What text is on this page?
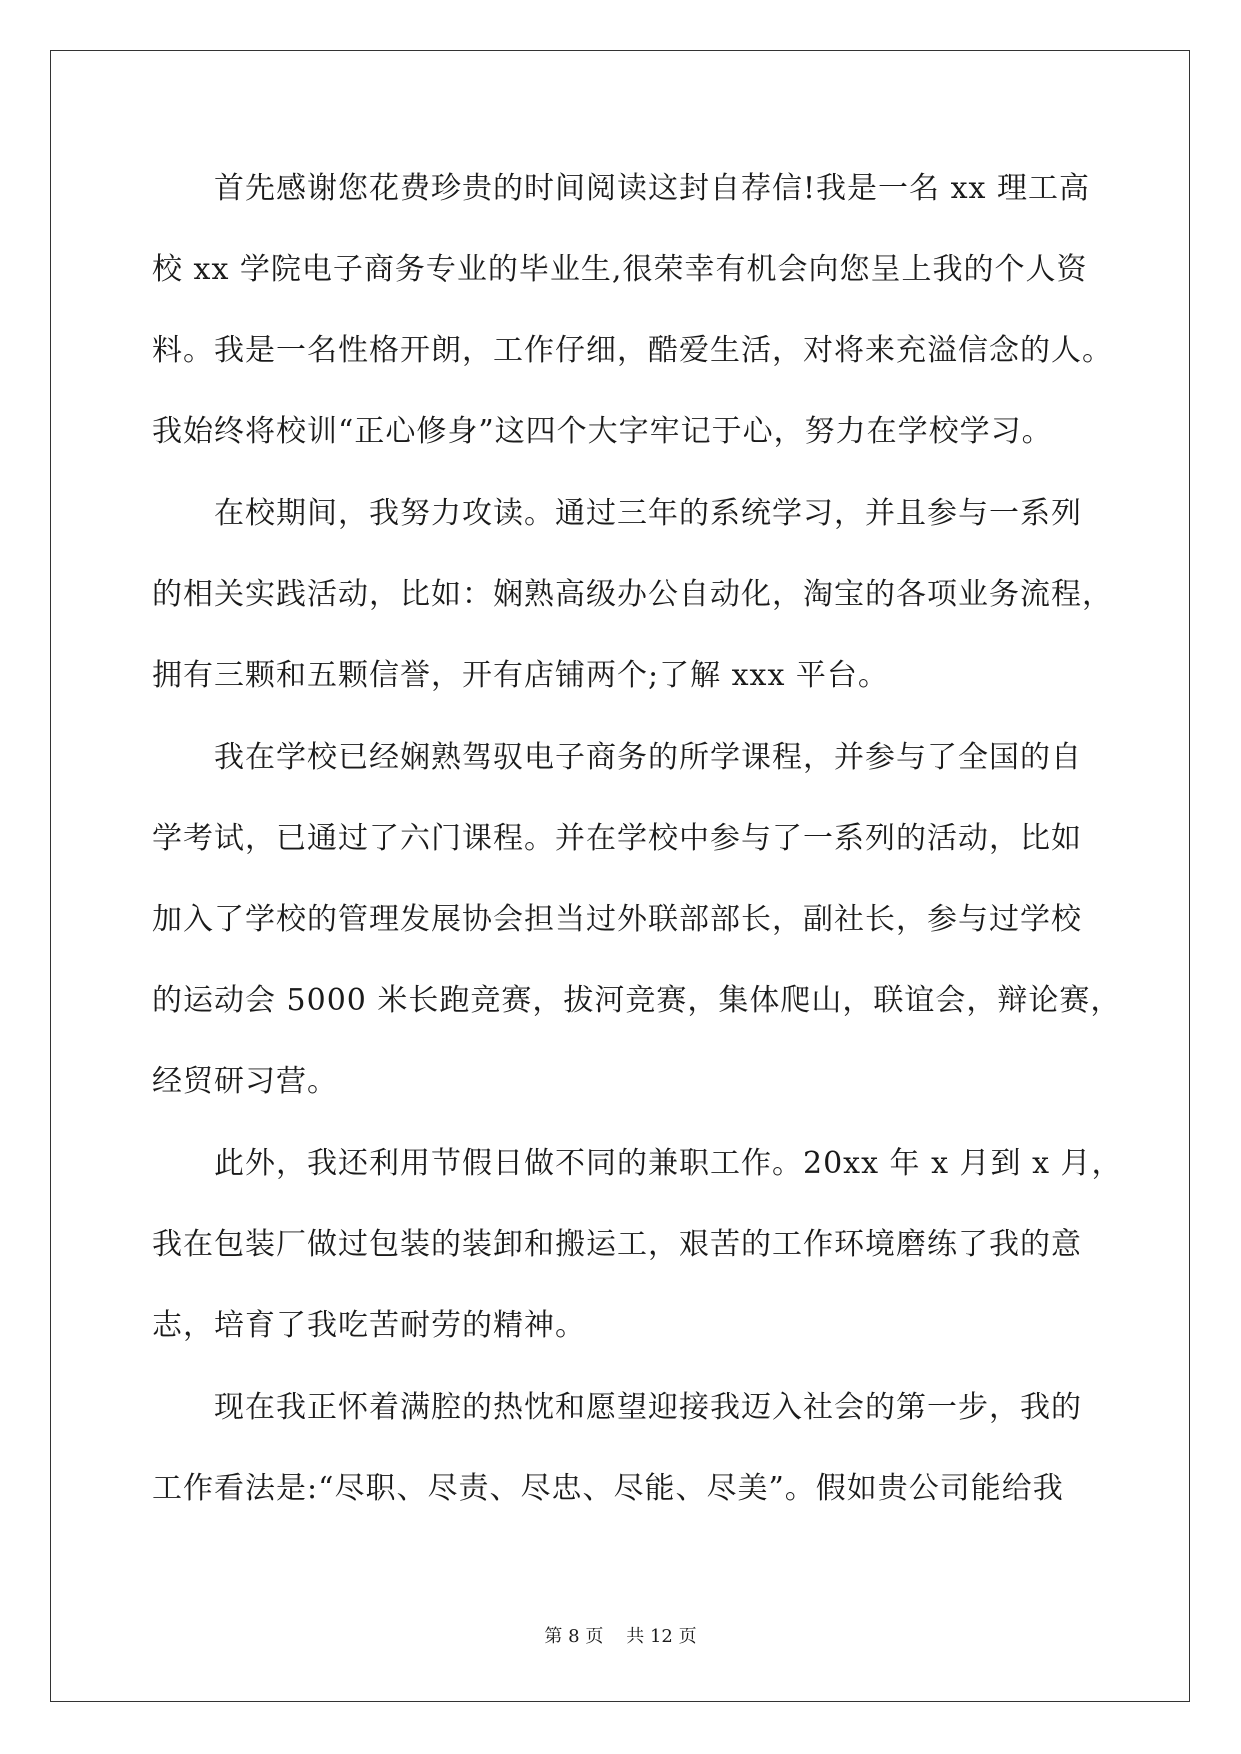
首先感谢您花费珍贵的时间阅读这封自荐信!我是一名 xx 理工高
校 xx 学院电子商务专业的毕业生,很荣幸有机会向您呈上我的个人资
料。我是一名性格开朗，工作仔细，酷爱生活，对将来充溢信念的人。
我始终将校训“正心修身”这四个大字牢记于心，努力在学校学习。
在校期间，我努力攻读。通过三年的系统学习，并且参与一系列
的相关实践活动，比如：娴熟高级办公自动化，淘宝的各项业务流程，
拥有三颗和五颗信誉，开有店铺两个;了解 xxx 平台。
我在学校已经娴熟驾驭电子商务的所学课程，并参与了全国的自
学考试，已通过了六门课程。并在学校中参与了一系列的活动，比如
加入了学校的管理发展协会担当过外联部部长，副社长，参与过学校
的运动会 5000 米长跑竞赛，拔河竞赛，集体爬山，联谊会，辩论赛，
经贸研习营。
此外，我还利用节假日做不同的兼职工作。20xx 年 x 月到 x 月，
我在包装厂做过包装的装卸和搬运工，艰苦的工作环境磨练了我的意
志，培育了我吃苦耐劳的精神。
现在我正怀着满腔的热忱和愿望迎接我迈入社会的第一步，我的
工作看法是:“尽职、尽责、尽忠、尽能、尽美”。假如贵公司能给我
第 8 页 共 12 页
